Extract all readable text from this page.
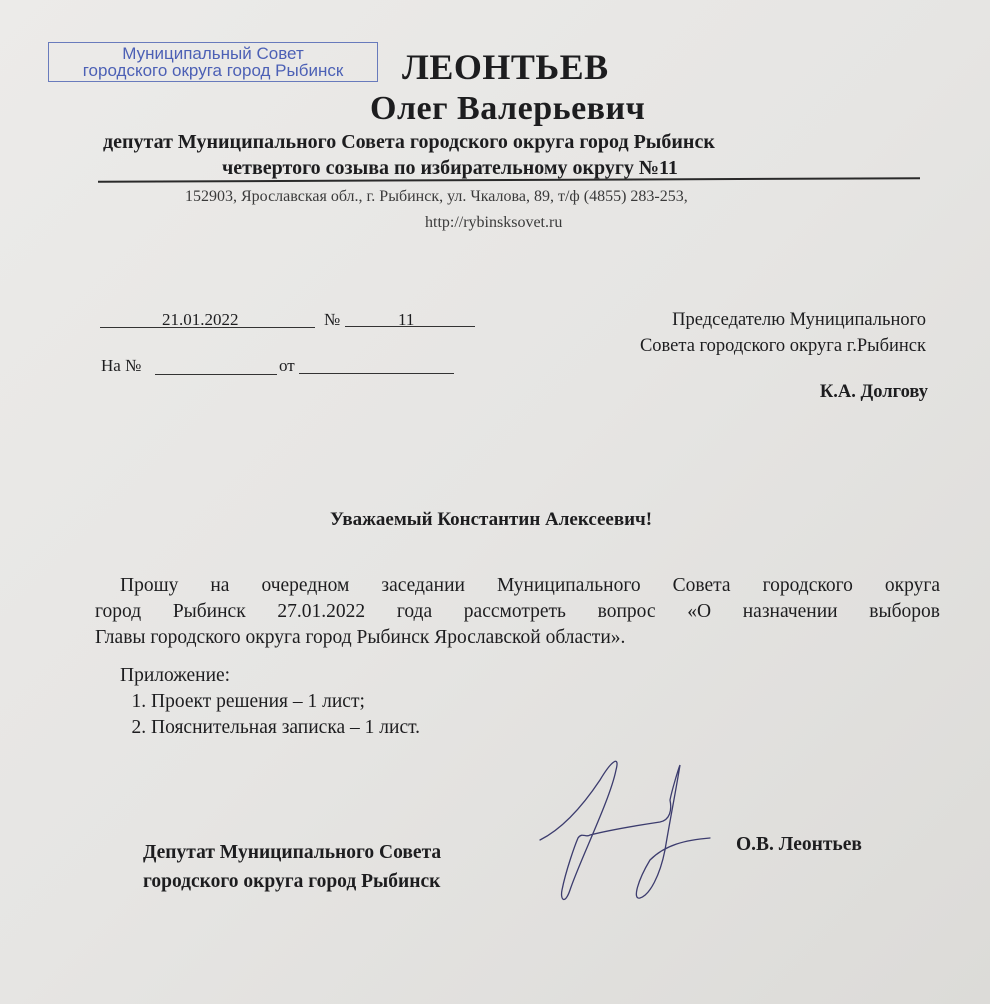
Муниципальный Совет
городского округа город Рыбинск	ЛЕОНТЬЕВ
Олег Валерьевич
депутат Муниципального Совета городского округа город Рыбинск
четвертого созыва по избирательному округу №11
152903, Ярославская обл., г. Рыбинск, ул. Чкалова, 89, т/ф (4855) 283-253,
http://rybinsksovet.ru
21.01.2022	№	11
На №	от
Председателю Муниципального
Совета городского округа г.Рыбинск
К.А. Долгову
Уважаемый Константин Алексеевич!

Прошу на очередном заседании Муниципального Совета городского округа

город Рыбинск 27.01.2022 года рассмотреть вопрос «О назначении выборов
Главы городского округа город Рыбинск Ярославской области».
Приложение:
1. Проект решения – 1 лист;
2. Пояснительная записка – 1 лист.
Депутат Муниципального Совета
городского округа город Рыбинск
О.В. Леонтьев
